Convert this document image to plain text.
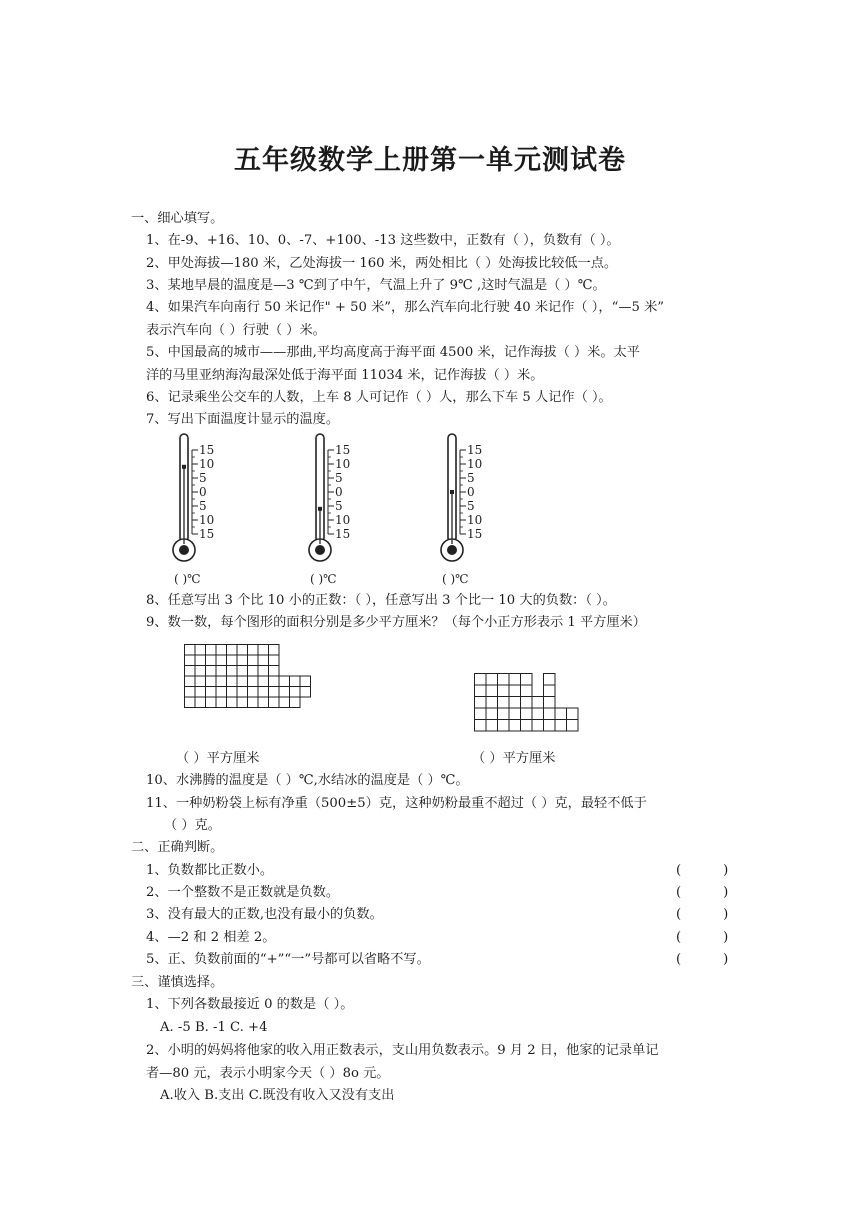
五年级数学上册第一单元测试卷
一、细心填写。
1、在-9、+16、10、0、-7、+100、-13 这些数中，正数有（ ），负数有（ ）。
2、甲处海拔—180 米，乙处海拔一 160 米，两处相比（ ）处海拔比较低一点。
3、某地早晨的温度是—3 ℃到了中午，气温上升了 9℃ ,这时气温是（ ）℃。
4、如果汽车向南行 50 米记作" + 50 米”，那么汽车向北行驶 40 米记作（ ），“—5 米”
表示汽车向（ ）行驶（ ）米。
5、中国最高的城市——那曲,平均高度高于海平面 4500 米，记作海拔（ ）米。太平
洋的马里亚纳海沟最深处低于海平面 11034 米，记作海拔（ ）米。
6、记录乘坐公交车的人数，上车 8 人可记作（ ）人，那么下车 5 人记作（ ）。
7、写出下面温度计显示的温度。
15
10
5
0
5
10
15
( )℃
15
10
5
0
5
10
15
( )℃
15
10
5
0
5
10
15
( )℃
8、任意写出 3 个比 10 小的正数：（ ），任意写出 3 个比一 10 大的负数：（ ）。
9、数一数，每个图形的面积分别是多少平方厘米？（每个小正方形表示 1 平方厘米）
（ ）平方厘米	（ ）平方厘米
10、水沸腾的温度是（ ）℃,水结冰的温度是（ ）℃。
11、一种奶粉袋上标有净重（500±5）克，这种奶粉最重不超过（ ）克，最轻不低于
（ ）克。
二、正确判断。
1、负数都比正数小。
2、一个整数不是正数就是负数。
3、没有最大的正数,也没有最小的负数。
4、—2 和 2 相差 2。
5、正、负数前面的“+”“一”号都可以省略不写。
(          )
(          )
(          )
(          )
(          )
三、谨慎选择。
1、下列各数最接近 0 的数是（ ）。
A. -5 B. -1 C. +4
2、小明的妈妈将他家的收入用正数表示，支山用负数表示。9 月 2 日，他家的记录单记
者—80 元，表示小明家今天（ ）8o 元。
A.收入 B.支出 C.既没有收入又没有支出
